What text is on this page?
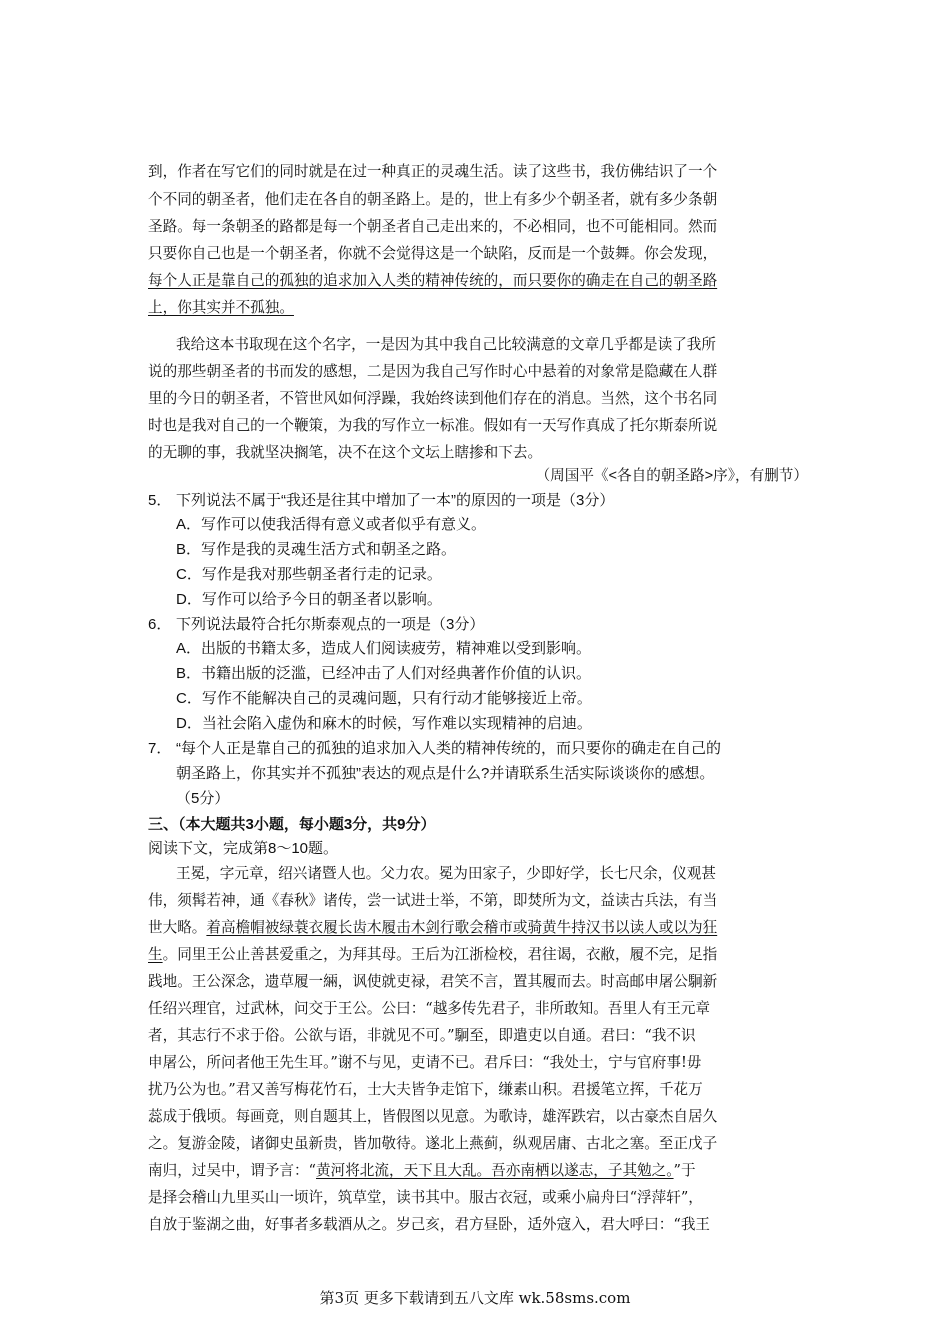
到，作者在写它们的同时就是在过一种真正的灵魂生活。读了这些书，我仿佛结识了一个
个不同的朝圣者，他们走在各自的朝圣路上。是的，世上有多少个朝圣者，就有多少条朝
圣路。每一条朝圣的路都是每一个朝圣者自己走出来的，不必相同，也不可能相同。然而
只要你自己也是一个朝圣者，你就不会觉得这是一个缺陷，反而是一个鼓舞。你会发现，
每个人正是靠自己的孤独的追求加入人类的精神传统的，而只要你的确走在自己的朝圣路
上，你其实并不孤独。
我给这本书取现在这个名字，一是因为其中我自己比较满意的文章几乎都是读了我所
说的那些朝圣者的书而发的感想，二是因为我自己写作时心中悬着的对象常是隐藏在人群
里的今日的朝圣者，不管世风如何浮躁，我始终读到他们存在的消息。当然，这个书名同
时也是我对自己的一个鞭策，为我的写作立一标准。假如有一天写作真成了托尔斯泰所说
的无聊的事，我就坚决搁笔，决不在这个文坛上瞎掺和下去。
（周国平《<各自的朝圣路>序》，有删节）
5． 下列说法不属于“我还是往其中增加了一本”的原因的一项是（3分）
A．写作可以使我活得有意义或者似乎有意义。
B．写作是我的灵魂生活方式和朝圣之路。
C．写作是我对那些朝圣者行走的记录。
D．写作可以给予今日的朝圣者以影响。
6． 下列说法最符合托尔斯泰观点的一项是（3分）
A．出版的书籍太多，造成人们阅读疲劳，精神难以受到影响。
B．书籍出版的泛滥，已经冲击了人们对经典著作价值的认识。
C．写作不能解决自己的灵魂问题，只有行动才能够接近上帝。
D．当社会陷入虚伪和麻木的时候，写作难以实现精神的启迪。
7． “每个人正是靠自己的孤独的追求加入人类的精神传统的，而只要你的确走在自己的
朝圣路上，你其实并不孤独”表达的观点是什么?并请联系生活实际谈谈你的感想。
（5分）
三、（本大题共3小题，每小题3分，共9分）
阅读下文，完成第8～10题。
王冕，字元章，绍兴诸暨人也。父力农。冕为田家子，少即好学，长七尺余，仪观甚
伟，须髯若神，通《春秋》诸传，尝一试进士举，不第，即焚所为文，益读古兵法，有当
世大略。着高檐帽被绿蓑衣履长齿木履击木剑行歌会稽市或骑黄牛持汉书以读人或以为狂
生。同里王公止善甚爱重之，为拜其母。王后为江浙检校，君往谒，衣敝，履不完，足指
践地。王公深念，遗草履一緉，讽使就吏禄，君笑不言，置其履而去。时高邮申屠公駉新
任绍兴理官，过武林，问交于王公。公曰：“越多传先君子，非所敢知。吾里人有王元章
者，其志行不求于俗。公欲与语，非就见不可。”駉至，即遣吏以自通。君曰：“我不识
申屠公，所问者他王先生耳。”谢不与见，吏请不已。君斥曰：“我处士，宁与官府事!毋
扰乃公为也。”君又善写梅花竹石，士大夫皆争走馆下，缣素山积。君援笔立挥，千花万
蕊成于俄顷。每画竟，则自题其上，皆假图以见意。为歌诗，雄浑跌宕，以古豪杰自居久
之。复游金陵，诸御史虽新贵，皆加敬待。遂北上燕蓟，纵观居庸、古北之塞。至正戊子
南归，过吴中，谓予言：“黄河将北流，天下且大乱。吾亦南栖以遂志，子其勉之。”于
是择会稽山九里买山一顷许，筑草堂，读书其中。服古衣冠，或乘小扁舟曰“浮萍轩”，
自放于鉴湖之曲，好事者多载酒从之。岁己亥，君方昼卧，适外寇入，君大呼曰：“我王
第3页 更多下载请到五八文库 wk.58sms.com
